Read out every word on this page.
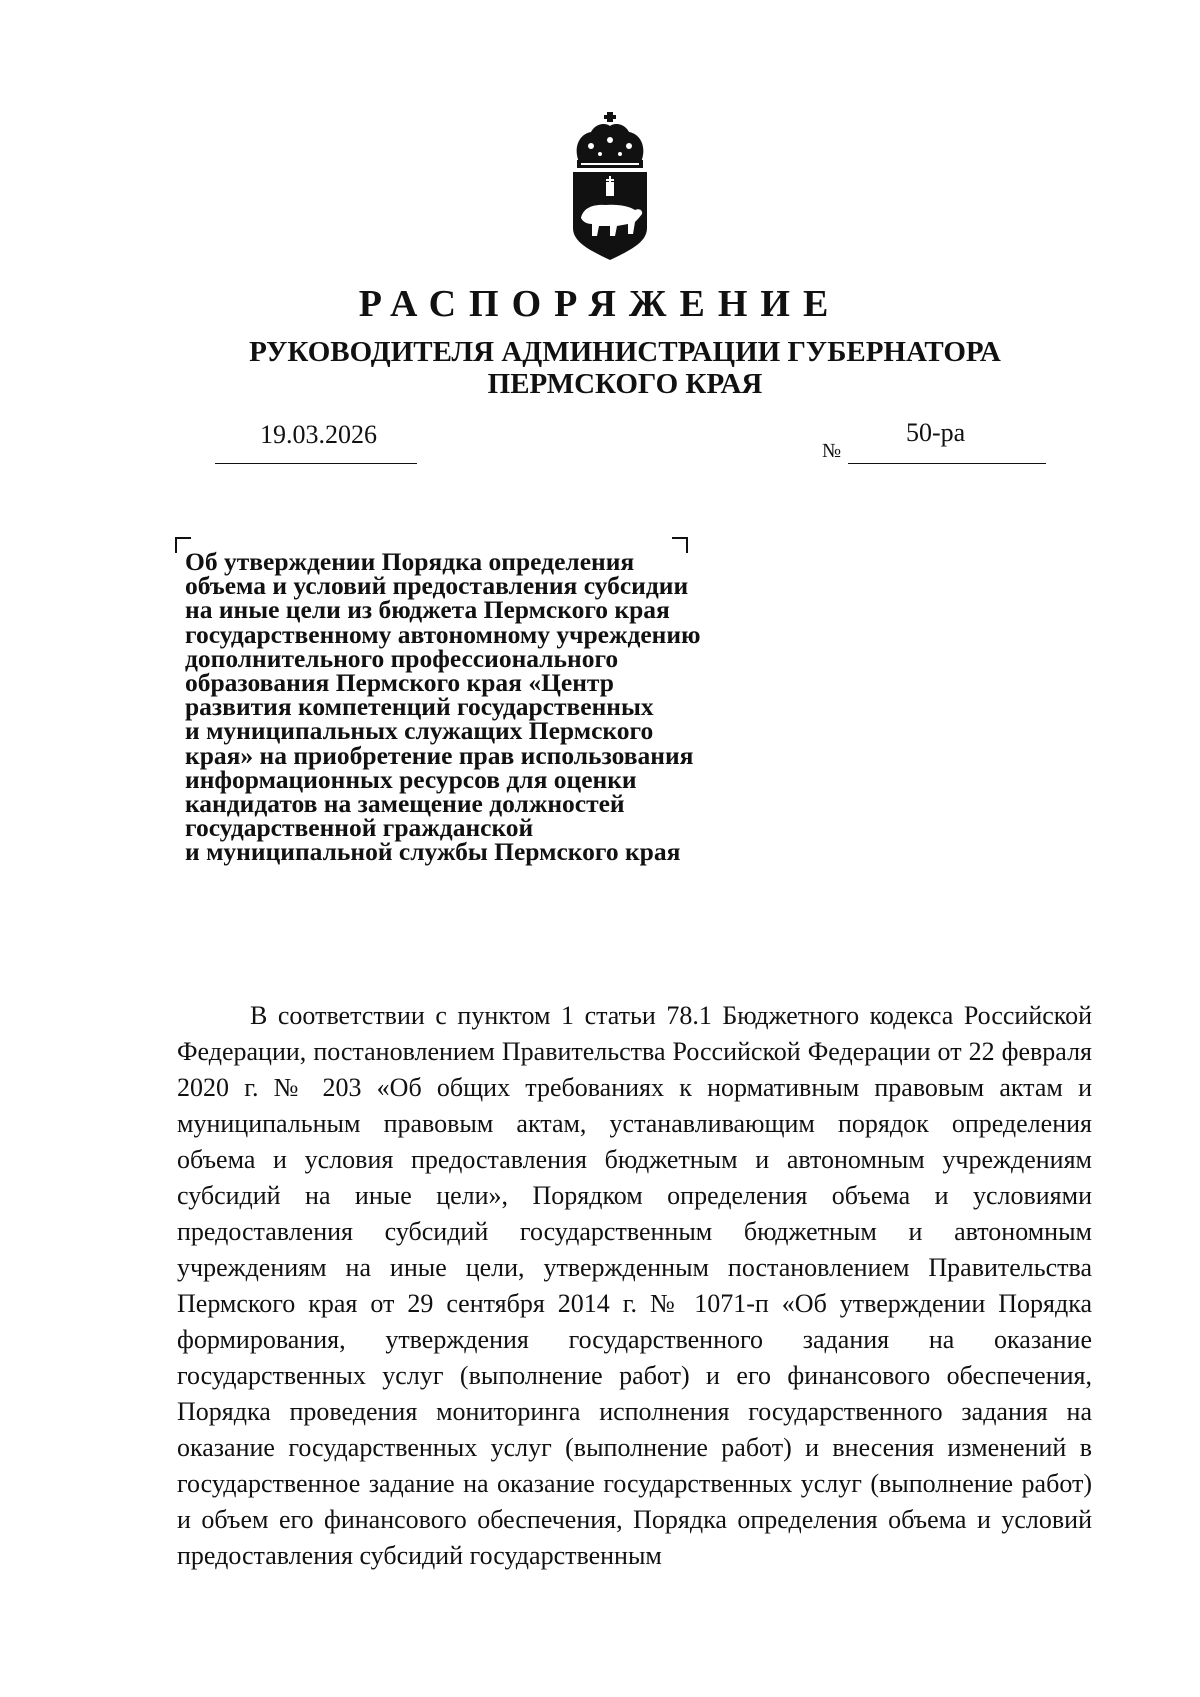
РАСПОРЯЖЕНИЕ
РУКОВОДИТЕЛЯ АДМИНИСТРАЦИИ ГУБЕРНАТОРА
ПЕРМСКОГО КРАЯ
19.03.2026
№
50-ра
Об утверждении Порядка определения
объема и условий предоставления субсидии
на иные цели из бюджета Пермского края
государственному автономному учреждению
дополнительного профессионального
образования Пермского края «Центр
развития компетенций государственных
и муниципальных служащих Пермского
края» на приобретение прав использования
информационных ресурсов для оценки
кандидатов на замещение должностей
государственной гражданской
и муниципальной службы Пермского края

В соответствии с пунктом 1 статьи 78.1 Бюджетного кодекса Российской Федерации, постановлением Правительства Российской Федерации от 22 февраля 2020 г. № 203 «Об общих требованиях к нормативным правовым актам и муниципальным правовым актам, устанавливающим порядок определения объема и условия предоставления бюджетным и автономным учреждениям субсидий на иные цели», Порядком определения объема и условиями предоставления субсидий государственным бюджетным и автономным учреждениям на иные цели, утвержденным постановлением Правительства Пермского края от 29 сентября 2014 г. № 1071-п «Об утверждении Порядка формирования, утверждения государственного задания на оказание государственных услуг (выполнение работ) и его финансового обеспечения, Порядка проведения мониторинга исполнения государственного задания на оказание государственных услуг (выполнение работ) и внесения изменений в государственное задание на оказание государственных услуг (выполнение работ) и объем его финансового обеспечения, Порядка определения объема и условий предоставления субсидий государственным
